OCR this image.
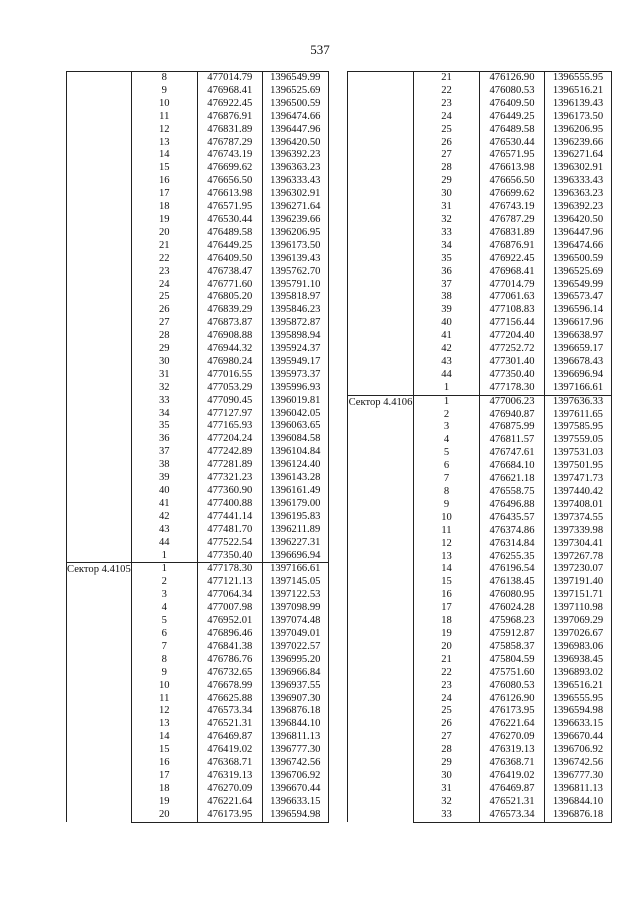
537
	8	477014.79	1396549.99
	9	476968.41	1396525.69
	10	476922.45	1396500.59
	11	476876.91	1396474.66
	12	476831.89	1396447.96
	13	476787.29	1396420.50
	14	476743.19	1396392.23
	15	476699.62	1396363.23
	16	476656.50	1396333.43
	17	476613.98	1396302.91
	18	476571.95	1396271.64
	19	476530.44	1396239.66
	20	476489.58	1396206.95
	21	476449.25	1396173.50
	22	476409.50	1396139.43
	23	476738.47	1395762.70
	24	476771.60	1395791.10
	25	476805.20	1395818.97
	26	476839.29	1395846.23
	27	476873.87	1395872.87
	28	476908.88	1395898.94
	29	476944.32	1395924.37
	30	476980.24	1395949.17
	31	477016.55	1395973.37
	32	477053.29	1395996.93
	33	477090.45	1396019.81
	34	477127.97	1396042.05
	35	477165.93	1396063.65
	36	477204.24	1396084.58
	37	477242.89	1396104.84
	38	477281.89	1396124.40
	39	477321.23	1396143.28
	40	477360.90	1396161.49
	41	477400.88	1396179.00
	42	477441.14	1396195.83
	43	477481.70	1396211.89
	44	477522.54	1396227.31
	1	477350.40	1396696.94
Сектор 4.4105	1	477178.30	1397166.61
	2	477121.13	1397145.05
	3	477064.34	1397122.53
	4	477007.98	1397098.99
	5	476952.01	1397074.48
	6	476896.46	1397049.01
	7	476841.38	1397022.57
	8	476786.76	1396995.20
	9	476732.65	1396966.84
	10	476678.99	1396937.55
	11	476625.88	1396907.30
	12	476573.34	1396876.18
	13	476521.31	1396844.10
	14	476469.87	1396811.13
	15	476419.02	1396777.30
	16	476368.71	1396742.56
	17	476319.13	1396706.92
	18	476270.09	1396670.44
	19	476221.64	1396633.15
	20	476173.95	1396594.98
	21	476126.90	1396555.95
	22	476080.53	1396516.21
	23	476409.50	1396139.43
	24	476449.25	1396173.50
	25	476489.58	1396206.95
	26	476530.44	1396239.66
	27	476571.95	1396271.64
	28	476613.98	1396302.91
	29	476656.50	1396333.43
	30	476699.62	1396363.23
	31	476743.19	1396392.23
	32	476787.29	1396420.50
	33	476831.89	1396447.96
	34	476876.91	1396474.66
	35	476922.45	1396500.59
	36	476968.41	1396525.69
	37	477014.79	1396549.99
	38	477061.63	1396573.47
	39	477108.83	1396596.14
	40	477156.44	1396617.96
	41	477204.40	1396638.97
	42	477252.72	1396659.17
	43	477301.40	1396678.43
	44	477350.40	1396696.94
	1	477178.30	1397166.61
Сектор 4.4106	1	477006.23	1397636.33
	2	476940.87	1397611.65
	3	476875.99	1397585.95
	4	476811.57	1397559.05
	5	476747.61	1397531.03
	6	476684.10	1397501.95
	7	476621.18	1397471.73
	8	476558.75	1397440.42
	9	476496.88	1397408.01
	10	476435.57	1397374.55
	11	476374.86	1397339.98
	12	476314.84	1397304.41
	13	476255.35	1397267.78
	14	476196.54	1397230.07
	15	476138.45	1397191.40
	16	476080.95	1397151.71
	17	476024.28	1397110.98
	18	475968.23	1397069.29
	19	475912.87	1397026.67
	20	475858.37	1396983.06
	21	475804.59	1396938.45
	22	475751.60	1396893.02
	23	476080.53	1396516.21
	24	476126.90	1396555.95
	25	476173.95	1396594.98
	26	476221.64	1396633.15
	27	476270.09	1396670.44
	28	476319.13	1396706.92
	29	476368.71	1396742.56
	30	476419.02	1396777.30
	31	476469.87	1396811.13
	32	476521.31	1396844.10
	33	476573.34	1396876.18
